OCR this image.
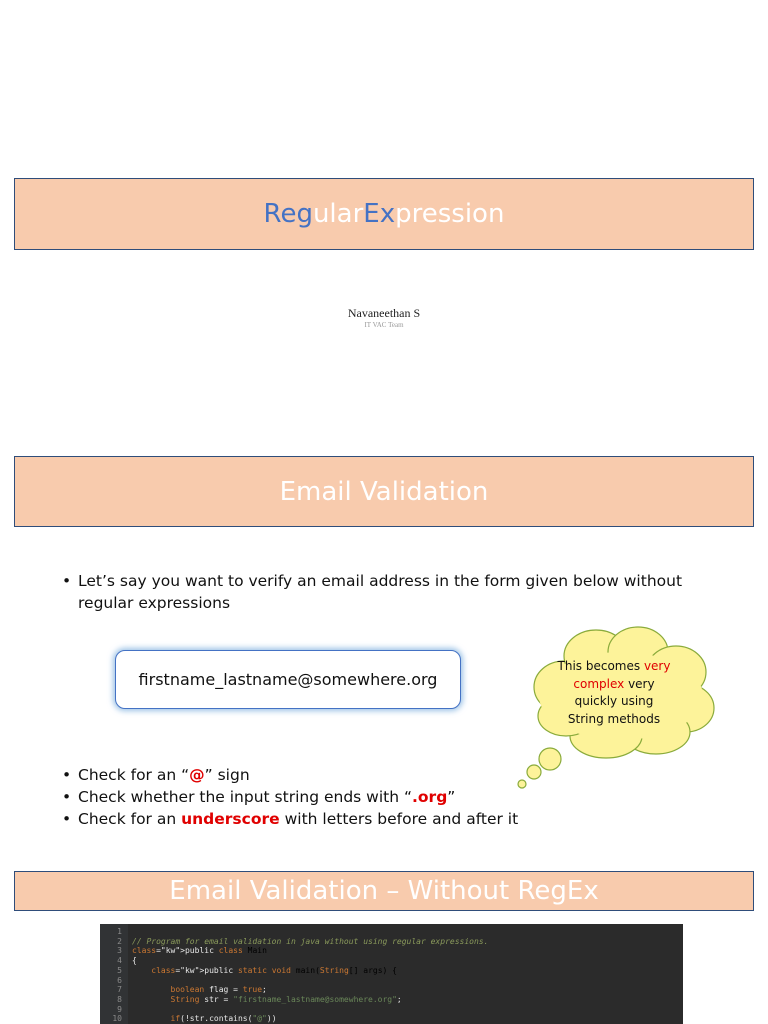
Reg ular Ex pression
Navaneethan S
IT VAC Team
Email Validation
• Let’s say you want to verify an email address in the form given below without regular expressions
firstname_lastname@somewhere.org
This becomes very
complex very
quickly using
String methods
• Check for an “@” sign
• Check whether the input string ends with “.org”
• Check for an underscore with letters before and after it
Email Validation – Without RegEx
1
2 // Program for email validation in java without using regular expressions.
3 class="kw">public class Main
4 {
5	class="kw">public static void main(String[] args) {
6
7	boolean flag = true;
8	String str = "firstname_lastname@somewhere.org";
9
10	if(!str.contains("@"))
